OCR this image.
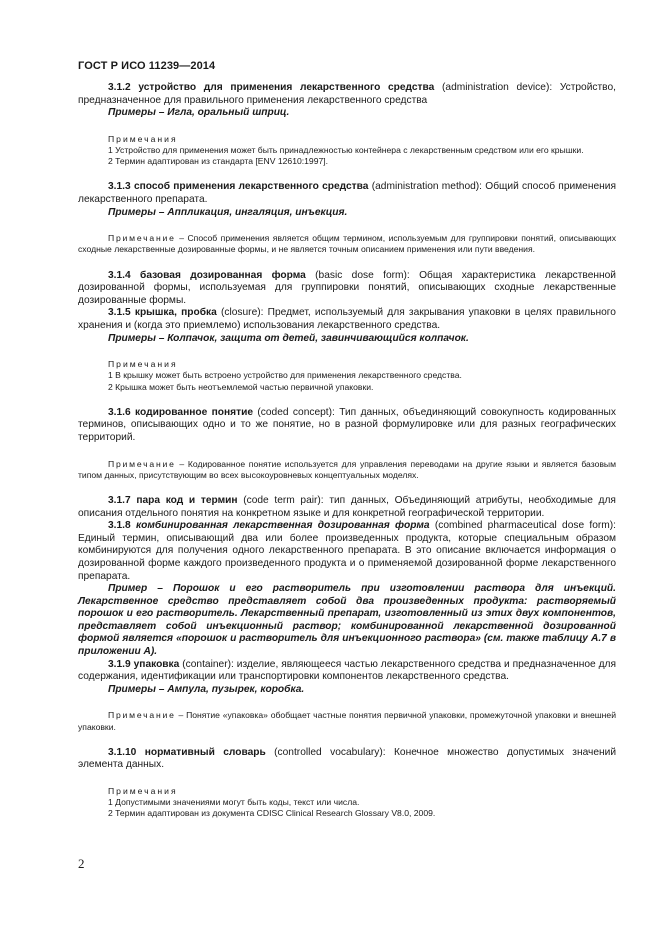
ГОСТ Р ИСО 11239—2014

3.1.2 устройство для применения лекарственного средства (administration device): Устройство, предназначенное для правильного применения лекарственного средства

Примеры – Игла, оральный шприц.

Примечания

1 Устройство для применения может быть принадлежностью контейнера с лекарственным средством или его крышки.

2 Термин адаптирован из стандарта [ENV 12610:1997].

3.1.3 способ применения лекарственного средства (administration method): Общий способ применения лекарственного препарата.

Примеры – Аппликация, ингаляция, инъекция.

Примечание – Способ применения является общим термином, используемым для группировки понятий, описывающих сходные лекарственные дозированные формы, и не является точным описанием применения или пути введения.

3.1.4 базовая дозированная форма (basic dose form): Общая характеристика лекарственной дозированной формы, используемая для группировки понятий, описывающих сходные лекарственные дозированные формы.

3.1.5 крышка, пробка (closure): Предмет, используемый для закрывания упаковки в целях правильного хранения и (когда это приемлемо) использования лекарственного средства.

Примеры – Колпачок, защита от детей, завинчивающийся колпачок.

Примечания

1 В крышку может быть встроено устройство для применения лекарственного средства.

2 Крышка может быть неотъемлемой частью первичной упаковки.

3.1.6 кодированное понятие (coded concept): Тип данных, объединяющий совокупность кодированных терминов, описывающих одно и то же понятие, но в разной формулировке или для разных географических территорий.

Примечание – Кодированное понятие используется для управления переводами на другие языки и является базовым типом данных, присутствующим во всех высокоуровневых концептуальных моделях.

3.1.7 пара код и термин (code term pair): тип данных, Объединяющий атрибуты, необходимые для описания отдельного понятия на конкретном языке и для конкретной географической территории.

3.1.8 комбинированная лекарственная дозированная форма (combined pharmaceutical dose form): Единый термин, описывающий два или более произведенных продукта, которые специальным образом комбинируются для получения одного лекарственного препарата. В это описание включается информация о дозированной форме каждого произведенного продукта и о применяемой дозированной форме лекарственного препарата.

Пример – Порошок и его растворитель при изготовлении раствора для инъекций. Лекарственное средство представляет собой два произведенных продукта: растворяемый порошок и его растворитель. Лекарственный препарат, изготовленный из этих двух компонентов, представляет собой инъекционный раствор; комбинированной лекарственной дозированной формой является «порошок и растворитель для инъекционного раствора» (см. также таблицу А.7 в приложении А).

3.1.9 упаковка (container): изделие, являющееся частью лекарственного средства и предназначенное для содержания, идентификации или транспортировки компонентов лекарственного средства.

Примеры – Ампула, пузырек, коробка.

Примечание – Понятие «упаковка» обобщает частные понятия первичной упаковки, промежуточной упаковки и внешней упаковки.

3.1.10 нормативный словарь (controlled vocabulary): Конечное множество допустимых значений элемента данных.

Примечания

1 Допустимыми значениями могут быть коды, текст или числа.

2 Термин адаптирован из документа CDISC Clinical Research Glossary V8.0, 2009.

2
